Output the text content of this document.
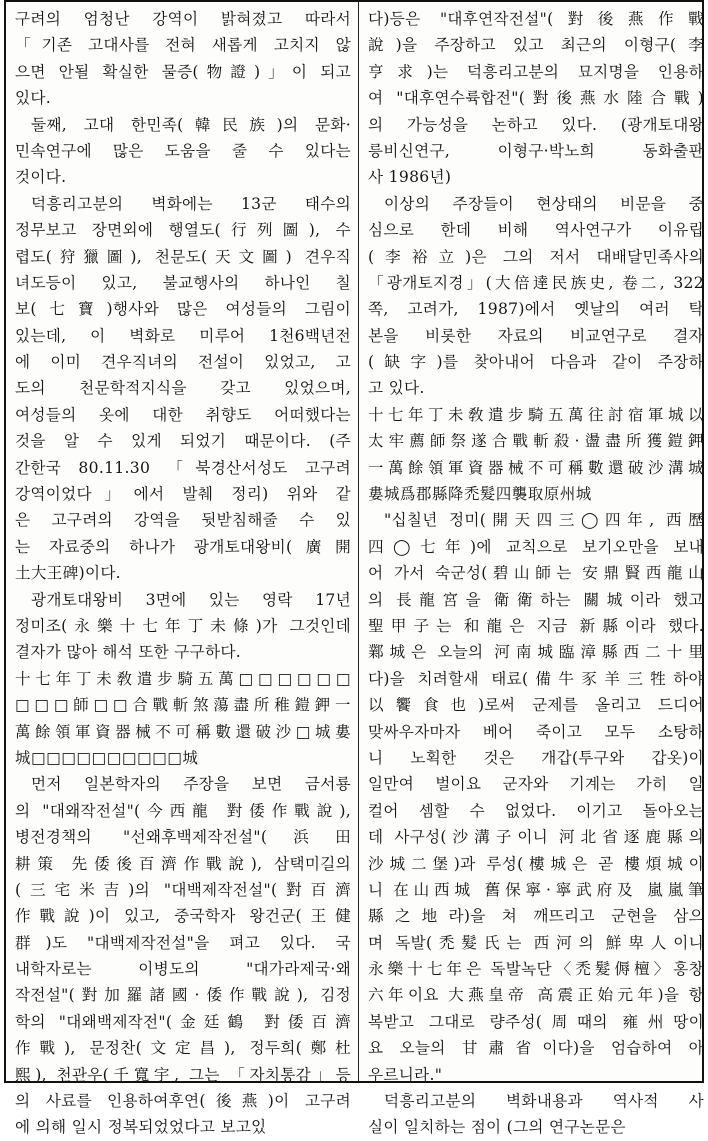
구려의 엄청난 강역이 밝혀졌고 따라서
「기존 고대사를 전혀 새롭게 고치지 않
으면 안될 확실한 물증(物證)」이 되고
있다.
둘째, 고대 한민족(韓民族)의 문화·
민속연구에 많은 도움을 줄 수 있다는
것이다.
덕흥리고분의 벽화에는 13군 태수의
정무보고 장면외에 행열도(行列圖), 수
렵도(狩獵圖), 천문도(天文圖) 견우직
녀도등이 있고, 불교행사의 하나인 칠
보(七寶)행사와 많은 여성들의 그림이
있는데, 이 벽화로 미루어 1천6백년전
에 이미 견우직녀의 전설이 있었고, 고
도의 천문학적지식을 갖고 있었으며,
여성들의 옷에 대한 취향도 어떠했다는
것을 알 수 있게 되었기 때문이다. (주
간한국 80.11.30 「북경산서성도 고구려
강역이었다」에서 발췌 정리) 위와 같
은 고구려의 강역을 뒷받침해줄 수 있
는 자료중의 하나가 광개토대왕비(廣開
土大王碑)이다.
광개토대왕비 3면에 있는 영락 17년
정미조(永樂十七年丁未條)가 그것인데
결자가 많아 해석 또한 구구하다.
十七年丁未敎遣步騎五萬□□□□□□
□□□師□□合戰斬煞蕩盡所稚鎧鉀一
萬餘領軍資器械不可稱數還破沙□城婁
城□□□□□□□□□□城
먼저 일본학자의 주장을 보면 금서룡
의 "대왜작전설"(今西龍 對倭作戰說),
병전경책의 "선왜후백제작전설"(浜田
耕策 先倭後百濟作戰說), 삼택미길의
(三宅米吉)의 "대백제작전설"(對百濟
作戰說)이 있고, 중국학자 왕건군(王健
群)도 "대백제작전설"을 펴고 있다. 국
내학자로는 이병도의 "대가라제국·왜
작전설"(對加羅諸國·倭作戰說), 김정
학의 "대왜백제작전"(金廷鶴 對倭百濟
作戰), 문정찬(文定昌), 정두희(鄭杜
熙), 천관우(千寬宇, 그는 「자치통감」등
의 사료를 인용하여후연(後燕)이 고구려
에 의해 일시 정복되었었다고 보고있
다)등은 "대후연작전설"(對後燕作戰
說)을 주장하고 있고 최근의 이형구(李
亨求)는 덕흥리고분의 묘지명을 인용하
여 "대후연수륙합전"(對後燕水陸合戰)
의 가능성을 논하고 있다. (광개토대왕
릉비신연구, 이형구·박노희 동화출판
사 1986년)
이상의 주장들이 현상태의 비문을 중
심으로 한데 비해 역사연구가 이유립
(李裕立)은 그의 저서 대배달민족사의
「광개토지경」(大倍達民族史, 卷二, 322
쪽, 고려가, 1987)에서 옛날의 여러 탁
본을 비롯한 자료의 비교연구로 결자
(缺字)를 찾아내어 다음과 같이 주장하
고 있다.
十七年丁未敎遣步騎五萬往討宿軍城以
太牢薦師祭遂合戰斬殺·盪盡所獲鎧鉀
一萬餘領軍資器械不可稱數還破沙溝城
婁城爲郡縣降禿髮四襲取原州城
"십칠년 정미(開天四三◯四年, 西歷
四◯七年)에 교칙으로 보기오만을 보내
어 가서 숙군성(碧山師는 安鼎賢西龍山
의 長龍宮을 衛衛하는 關城이라 했고
聖甲子는 和龍은 지금 新縣이라 했다.
鄴城은 오늘의 河南城臨漳縣西二十里
다)을 치려할새 태료(備牛豕羊三牲하야
以饗食也)로써 군제를 올리고 드디어
맞싸우자마자 베어 죽이고 모두 소탕하
니 노획한 것은 개갑(투구와 갑옷)이
일만여 벌이요 군자와 기계는 가히 일
컬어 셈할 수 없었다. 이기고 돌아오는
데 사구성(沙溝子이니 河北省逐鹿縣의
沙城二堡)과 루성(樓城은 곧 樓煩城이
니 在山西城 舊保寧·寧武府及 嵐嵐筆
縣之地라)을 쳐 깨뜨리고 군현을 삼으
며 독발(禿髮氏는 西河의 鮮卑人이니
永樂十七年은 독발녹단〈禿髮傉檀〉홍창
六年이요 大燕皇帝 高震正始元年)을 항
복받고 그대로 량주성(周때의 雍州땅이
요 오늘의 甘肅省이다)을 엄습하여 아
우르니라."
덕흥리고분의 벽화내용과 역사적 사
실이 일치하는 점이 (그의 연구논문은
